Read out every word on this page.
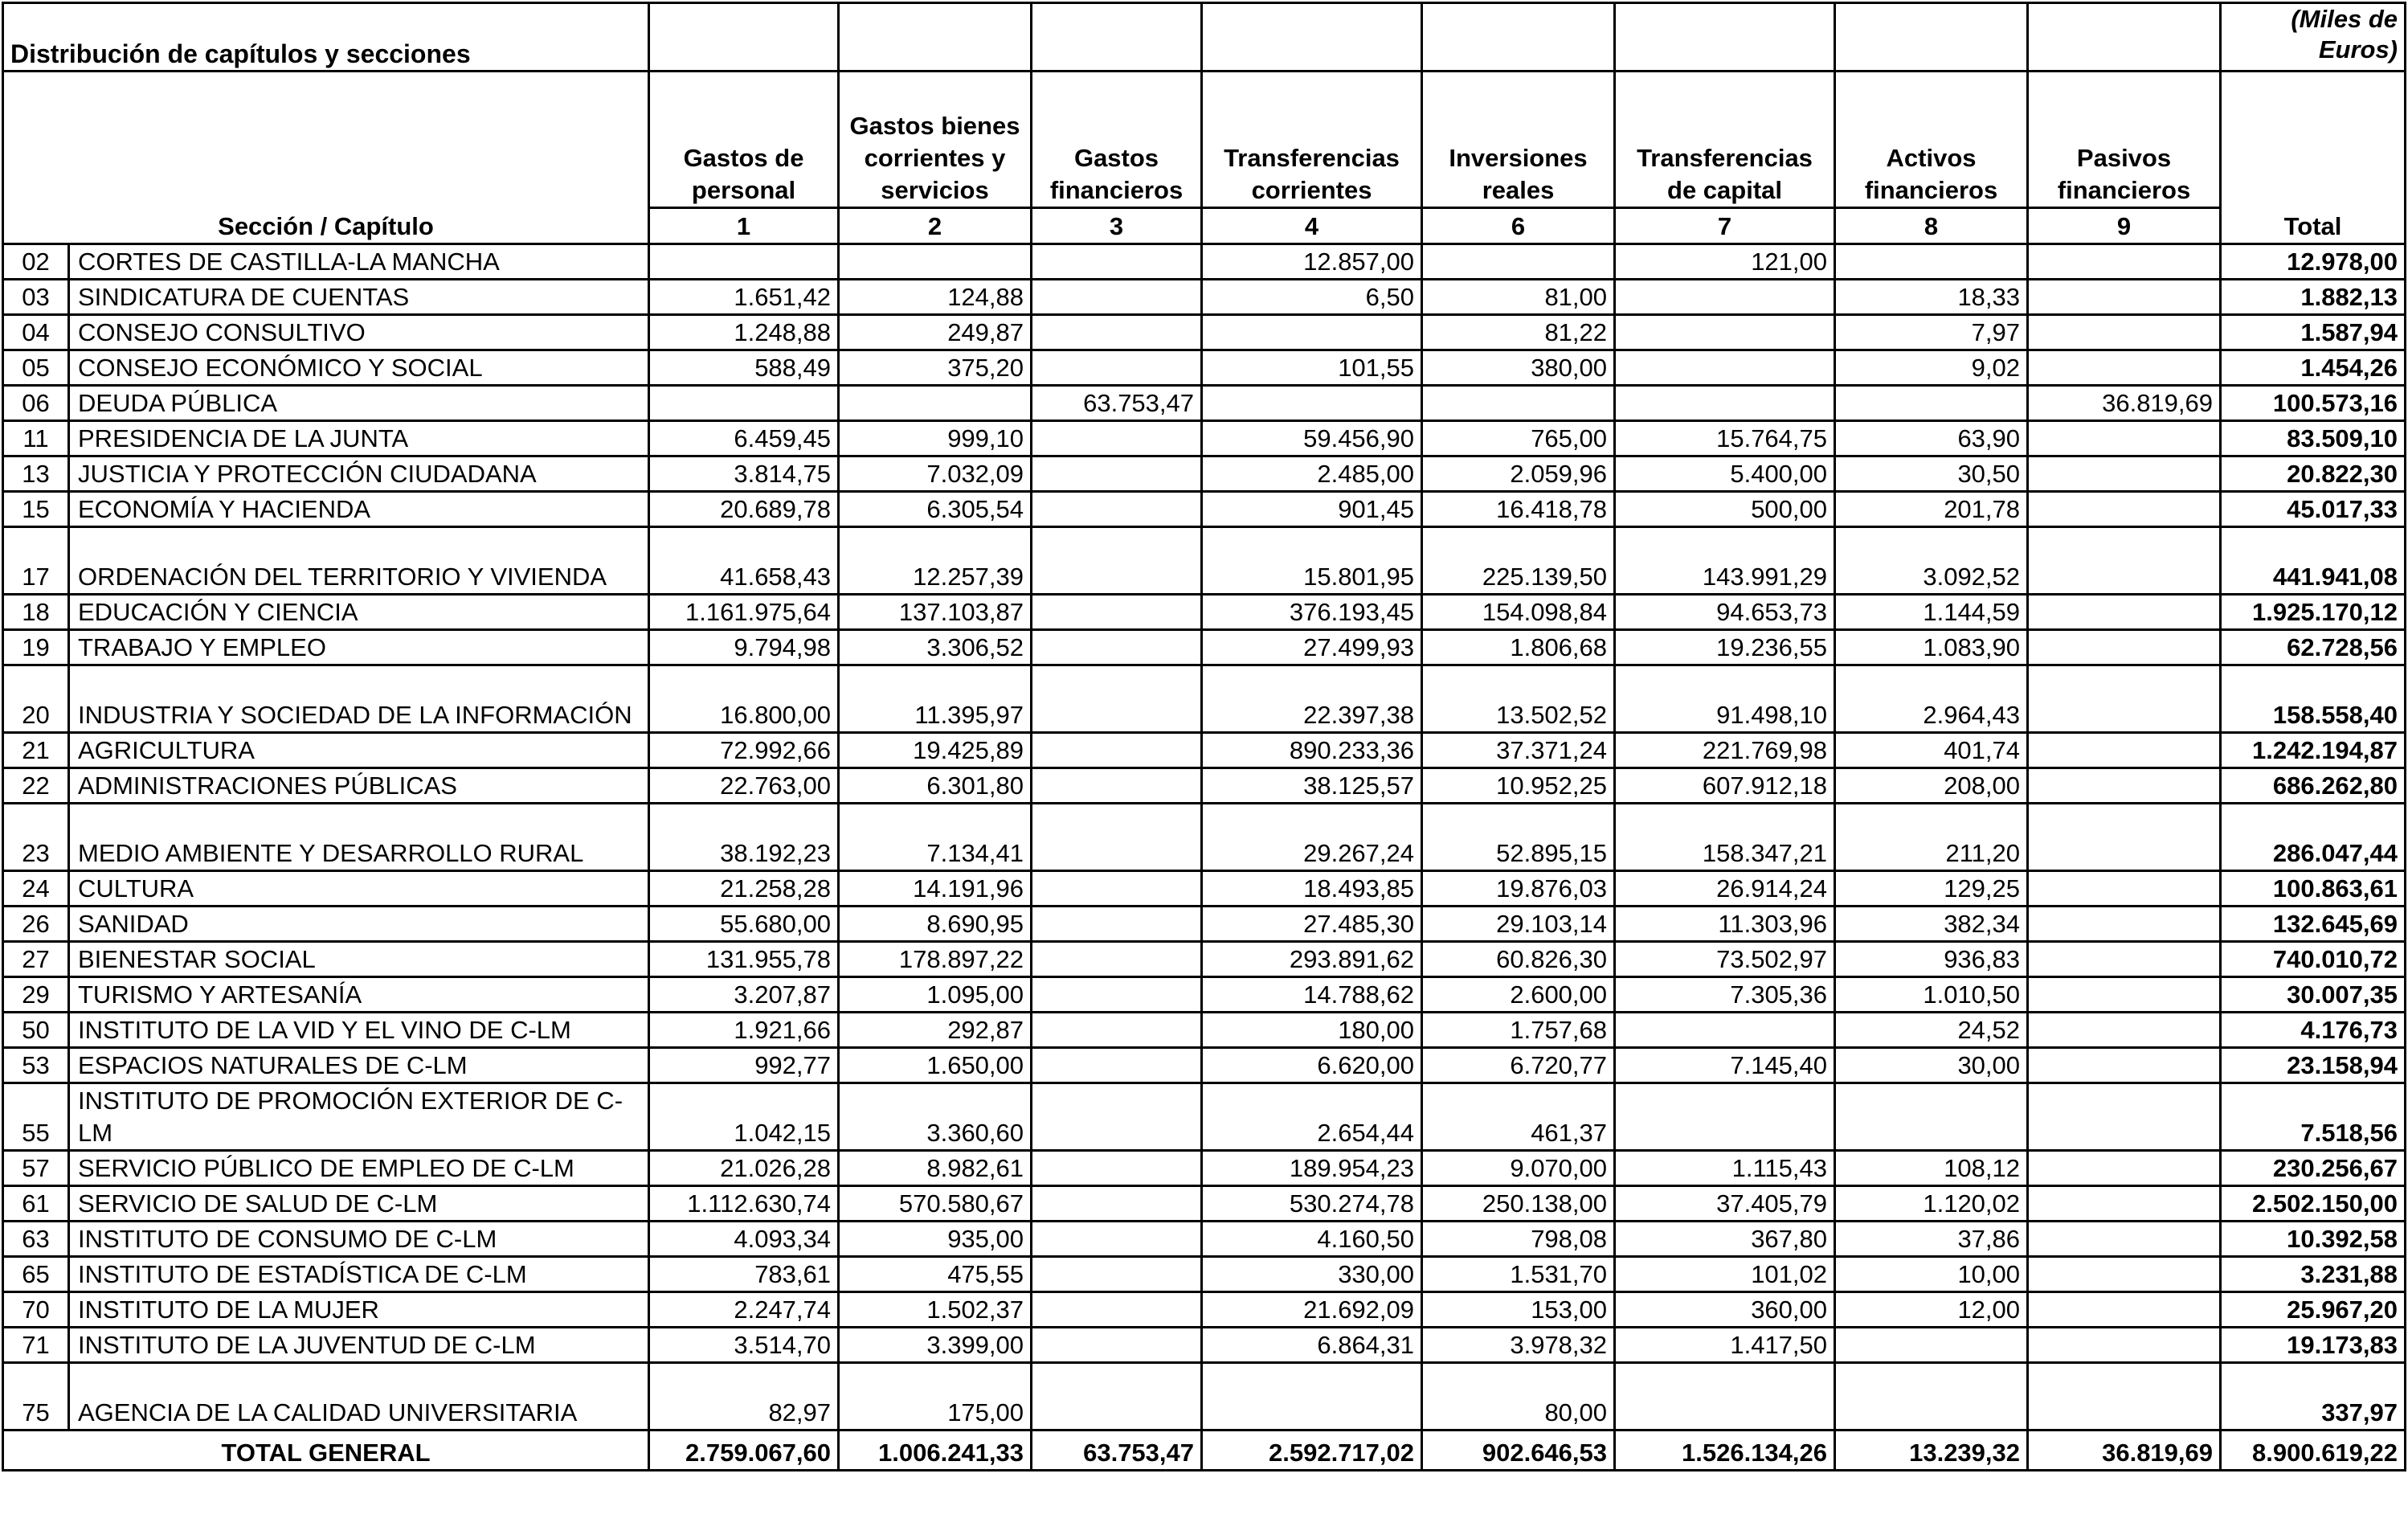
Distribución de capítulos y secciones										(Miles de Euros)
Sección / Capítulo		Gastos de personal	Gastos bienes corrientes y servicios	Gastos financieros	Transferencias corrientes	Inversiones reales	Transferencias de capital	Activos financieros	Pasivos financieros	Total
		1	2	3	4	6	7	8	9	
02	CORTES DE CASTILLA-LA MANCHA				12.857,00		121,00			12.978,00
03	SINDICATURA DE CUENTAS	1.651,42	124,88		6,50	81,00		18,33		1.882,13
04	CONSEJO CONSULTIVO	1.248,88	249,87			81,22		7,97		1.587,94
05	CONSEJO ECONÓMICO Y SOCIAL	588,49	375,20		101,55	380,00		9,02		1.454,26
06	DEUDA PÚBLICA			63.753,47					36.819,69	100.573,16
11	PRESIDENCIA DE LA JUNTA	6.459,45	999,10		59.456,90	765,00	15.764,75	63,90		83.509,10
13	JUSTICIA Y PROTECCIÓN CIUDADANA	3.814,75	7.032,09		2.485,00	2.059,96	5.400,00	30,50		20.822,30
15	ECONOMÍA Y HACIENDA	20.689,78	6.305,54		901,45	16.418,78	500,00	201,78		45.017,33
17	ORDENACIÓN DEL TERRITORIO Y VIVIENDA	41.658,43	12.257,39		15.801,95	225.139,50	143.991,29	3.092,52		441.941,08
18	EDUCACIÓN Y CIENCIA	1.161.975,64	137.103,87		376.193,45	154.098,84	94.653,73	1.144,59		1.925.170,12
19	TRABAJO Y EMPLEO	9.794,98	3.306,52		27.499,93	1.806,68	19.236,55	1.083,90		62.728,56
20	INDUSTRIA Y SOCIEDAD DE LA INFORMACIÓN	16.800,00	11.395,97		22.397,38	13.502,52	91.498,10	2.964,43		158.558,40
21	AGRICULTURA	72.992,66	19.425,89		890.233,36	37.371,24	221.769,98	401,74		1.242.194,87
22	ADMINISTRACIONES PÚBLICAS	22.763,00	6.301,80		38.125,57	10.952,25	607.912,18	208,00		686.262,80
23	MEDIO AMBIENTE Y DESARROLLO RURAL	38.192,23	7.134,41		29.267,24	52.895,15	158.347,21	211,20		286.047,44
24	CULTURA	21.258,28	14.191,96		18.493,85	19.876,03	26.914,24	129,25		100.863,61
26	SANIDAD	55.680,00	8.690,95		27.485,30	29.103,14	11.303,96	382,34		132.645,69
27	BIENESTAR SOCIAL	131.955,78	178.897,22		293.891,62	60.826,30	73.502,97	936,83		740.010,72
29	TURISMO Y ARTESANÍA	3.207,87	1.095,00		14.788,62	2.600,00	7.305,36	1.010,50		30.007,35
50	INSTITUTO DE LA VID Y EL VINO DE C-LM	1.921,66	292,87		180,00	1.757,68		24,52		4.176,73
53	ESPACIOS NATURALES DE C-LM	992,77	1.650,00		6.620,00	6.720,77	7.145,40	30,00		23.158,94
55	INSTITUTO DE PROMOCIÓN EXTERIOR DE C-LM	1.042,15	3.360,60		2.654,44	461,37				7.518,56
57	SERVICIO PÚBLICO DE EMPLEO DE C-LM	21.026,28	8.982,61		189.954,23	9.070,00	1.115,43	108,12		230.256,67
61	SERVICIO DE SALUD DE C-LM	1.112.630,74	570.580,67		530.274,78	250.138,00	37.405,79	1.120,02		2.502.150,00
63	INSTITUTO DE CONSUMO DE C-LM	4.093,34	935,00		4.160,50	798,08	367,80	37,86		10.392,58
65	INSTITUTO DE ESTADÍSTICA DE C-LM	783,61	475,55		330,00	1.531,70	101,02	10,00		3.231,88
70	INSTITUTO DE LA MUJER	2.247,74	1.502,37		21.692,09	153,00	360,00	12,00		25.967,20
71	INSTITUTO DE LA JUVENTUD DE C-LM	3.514,70	3.399,00		6.864,31	3.978,32	1.417,50			19.173,83
75	AGENCIA DE LA CALIDAD UNIVERSITARIA	82,97	175,00			80,00				337,97
TOTAL GENERAL		2.759.067,60	1.006.241,33	63.753,47	2.592.717,02	902.646,53	1.526.134,26	13.239,32	36.819,69	8.900.619,22
